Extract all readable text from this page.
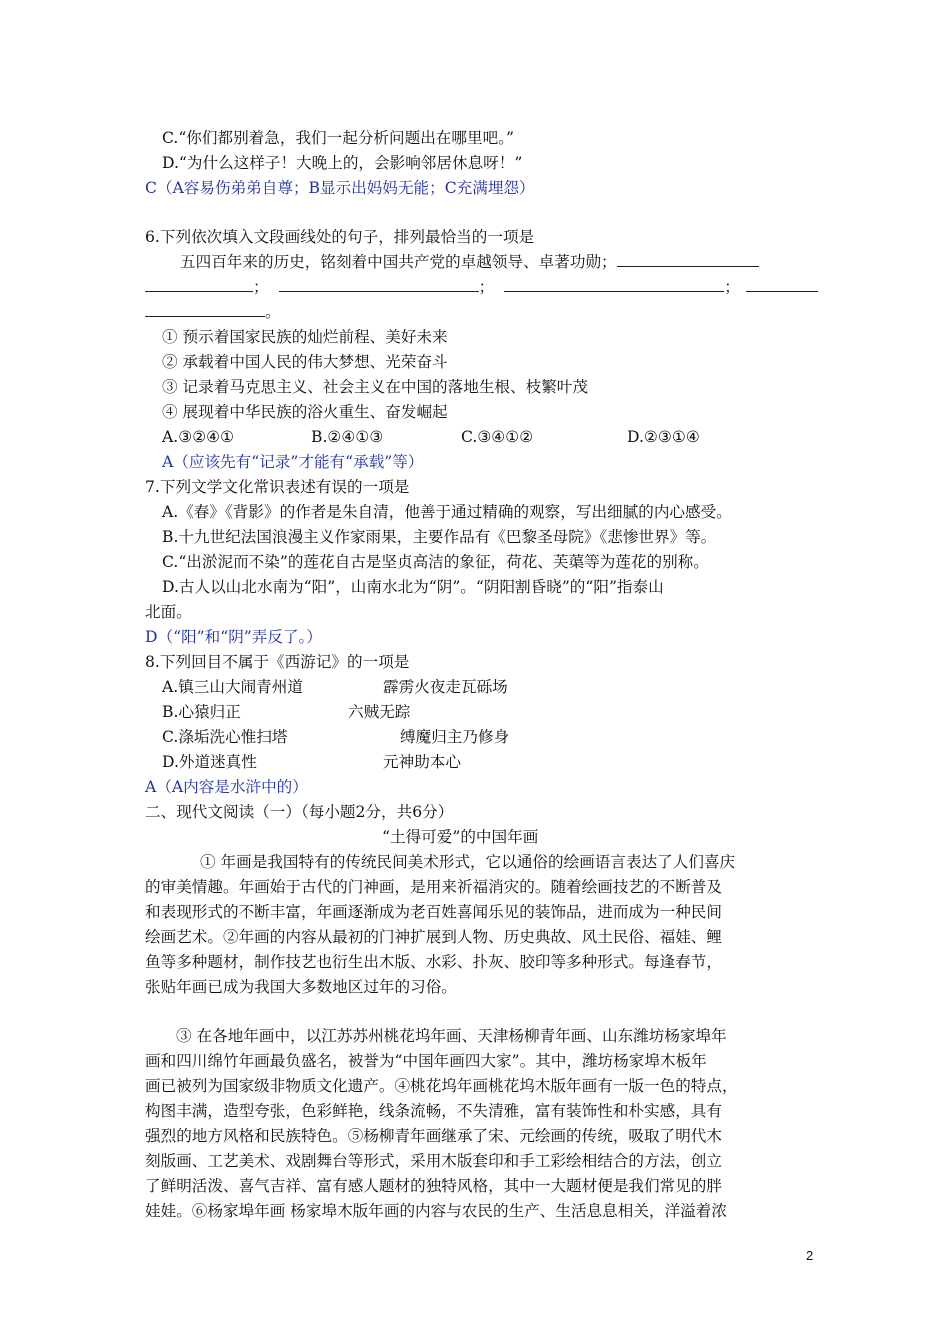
C.“你们都别着急，我们一起分析问题出在哪里吧。”
D.“为什么这样子！大晚上的，会影响邻居休息呀！”
C（A容易伤弟弟自尊；B显示出妈妈无能；C充满埋怨）
6.下列依次填入文段画线处的句子，排列最恰当的一项是
五四百年来的历史，铭刻着中国共产党的卓越领导、卓著功勋；
；	；	；
。
① 预示着国家民族的灿烂前程、美好未来
② 承载着中国人民的伟大梦想、光荣奋斗
③ 记录着马克思主义、社会主义在中国的落地生根、枝繁叶茂
④ 展现着中华民族的浴火重生、奋发崛起
A.③②④①	B.②④①③	C.③④①②	D.②③①④
A（应该先有“记录”才能有“承载”等）
7.下列文学文化常识表述有误的一项是
A.《春》《背影》的作者是朱自清，他善于通过精确的观察，写出细腻的内心感受。
B.十九世纪法国浪漫主义作家雨果，主要作品有《巴黎圣母院》《悲惨世界》等。
C.“出淤泥而不染”的莲花自古是坚贞高洁的象征，荷花、芙蕖等为莲花的别称。
D.古人以山北水南为“阳”，山南水北为“阴”。“阴阳割昏晓”的“阳”指泰山
北面。
D（“阳”和“阴”弄反了。）
8.下列回目不属于《西游记》的一项是
A.镇三山大闹青州道	霹雳火夜走瓦砾场
B.心猿归正	六贼无踪
C.涤垢洗心惟扫塔	缚魔归主乃修身
D.外道迷真性	元神助本心
A（A内容是水浒中的）
二、现代文阅读（一）（每小题2分，共6分）
“土得可爱”的中国年画
① 年画是我国特有的传统民间美术形式，它以通俗的绘画语言表达了人们喜庆
的审美情趣。年画始于古代的门神画，是用来祈福消灾的。随着绘画技艺的不断普及
和表现形式的不断丰富，年画逐渐成为老百姓喜闻乐见的装饰品，进而成为一种民间
绘画艺术。②年画的内容从最初的门神扩展到人物、历史典故、风土民俗、福娃、鲤
鱼等多种题材，制作技艺也衍生出木版、水彩、扑灰、胶印等多种形式。每逢春节，
张贴年画已成为我国大多数地区过年的习俗。
③ 在各地年画中，以江苏苏州桃花坞年画、天津杨柳青年画、山东潍坊杨家埠年
画和四川绵竹年画最负盛名，被誉为“中国年画四大家”。其中，潍坊杨家埠木板年
画已被列为国家级非物质文化遗产。④桃花坞年画桃花坞木版年画有一版一色的特点，
构图丰满，造型夸张，色彩鲜艳，线条流畅，不失清雅，富有装饰性和朴实感，具有
强烈的地方风格和民族特色。⑤杨柳青年画继承了宋、元绘画的传统，吸取了明代木
刻版画、工艺美术、戏剧舞台等形式，采用木版套印和手工彩绘相结合的方法，创立
了鲜明活泼、喜气吉祥、富有感人题材的独特风格，其中一大题材便是我们常见的胖
娃娃。⑥杨家埠年画 杨家埠木版年画的内容与农民的生产、生活息息相关，洋溢着浓
2
